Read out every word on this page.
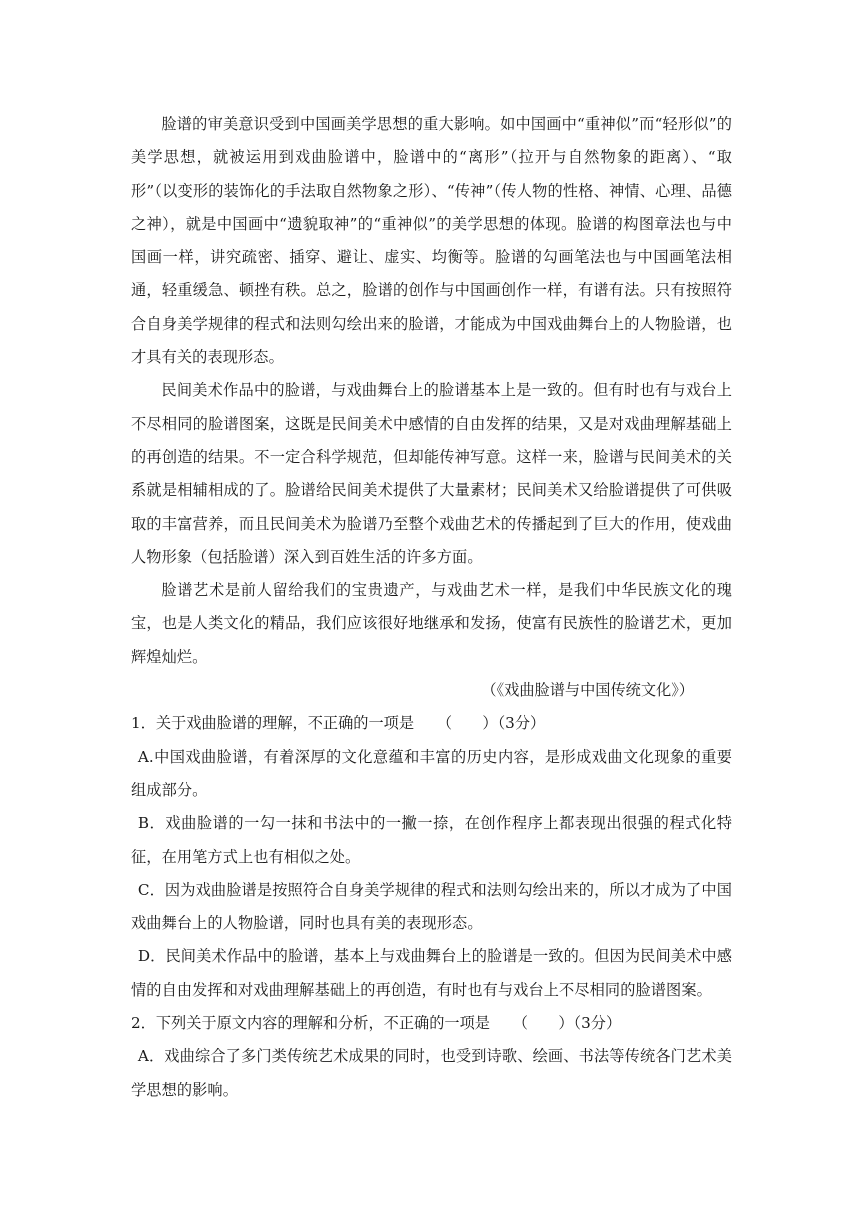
脸谱的审美意识受到中国画美学思想的重大影响。如中国画中“重神似”而“轻形似”的美学思想，就被运用到戏曲脸谱中，脸谱中的“离形”（拉开与自然物象的距离）、“取形”（以变形的装饰化的手法取自然物象之形）、“传神”（传人物的性格、神情、心理、品德之神），就是中国画中“遗貌取神”的“重神似”的美学思想的体现。脸谱的构图章法也与中国画一样，讲究疏密、插穿、避让、虚实、均衡等。脸谱的勾画笔法也与中国画笔法相通，轻重缓急、顿挫有秩。总之，脸谱的创作与中国画创作一样，有谱有法。只有按照符合自身美学规律的程式和法则勾绘出来的脸谱，才能成为中国戏曲舞台上的人物脸谱，也才具有关的表现形态。

民间美术作品中的脸谱，与戏曲舞台上的脸谱基本上是一致的。但有时也有与戏台上不尽相同的脸谱图案，这既是民间美术中感情的自由发挥的结果，又是对戏曲理解基础上的再创造的结果。不一定合科学规范，但却能传神写意。这样一来，脸谱与民间美术的关系就是相辅相成的了。脸谱给民间美术提供了大量素材；民间美术又给脸谱提供了可供吸取的丰富营养，而且民间美术为脸谱乃至整个戏曲艺术的传播起到了巨大的作用，使戏曲人物形象（包括脸谱）深入到百姓生活的许多方面。

脸谱艺术是前人留给我们的宝贵遗产，与戏曲艺术一样，是我们中华民族文化的瑰宝，也是人类文化的精品，我们应该很好地继承和发扬，使富有民族性的脸谱艺术，更加辉煌灿烂。

（《戏曲脸谱与中国传统文化》）

1．关于戏曲脸谱的理解，不正确的一项是　　（　　）（3分）

A.中国戏曲脸谱，有着深厚的文化意蕴和丰富的历史内容，是形成戏曲文化现象的重要组成部分。

B．戏曲脸谱的一勾一抹和书法中的一撇一捺，在创作程序上都表现出很强的程式化特征，在用笔方式上也有相似之处。

C．因为戏曲脸谱是按照符合自身美学规律的程式和法则勾绘出来的，所以才成为了中国戏曲舞台上的人物脸谱，同时也具有美的表现形态。

D．民间美术作品中的脸谱，基本上与戏曲舞台上的脸谱是一致的。但因为民间美术中感情的自由发挥和对戏曲理解基础上的再创造，有时也有与戏台上不尽相同的脸谱图案。

2．下列关于原文内容的理解和分析，不正确的一项是　　（　　）（3分）

A．戏曲综合了多门类传统艺术成果的同时，也受到诗歌、绘画、书法等传统各门艺术美学思想的影响。
